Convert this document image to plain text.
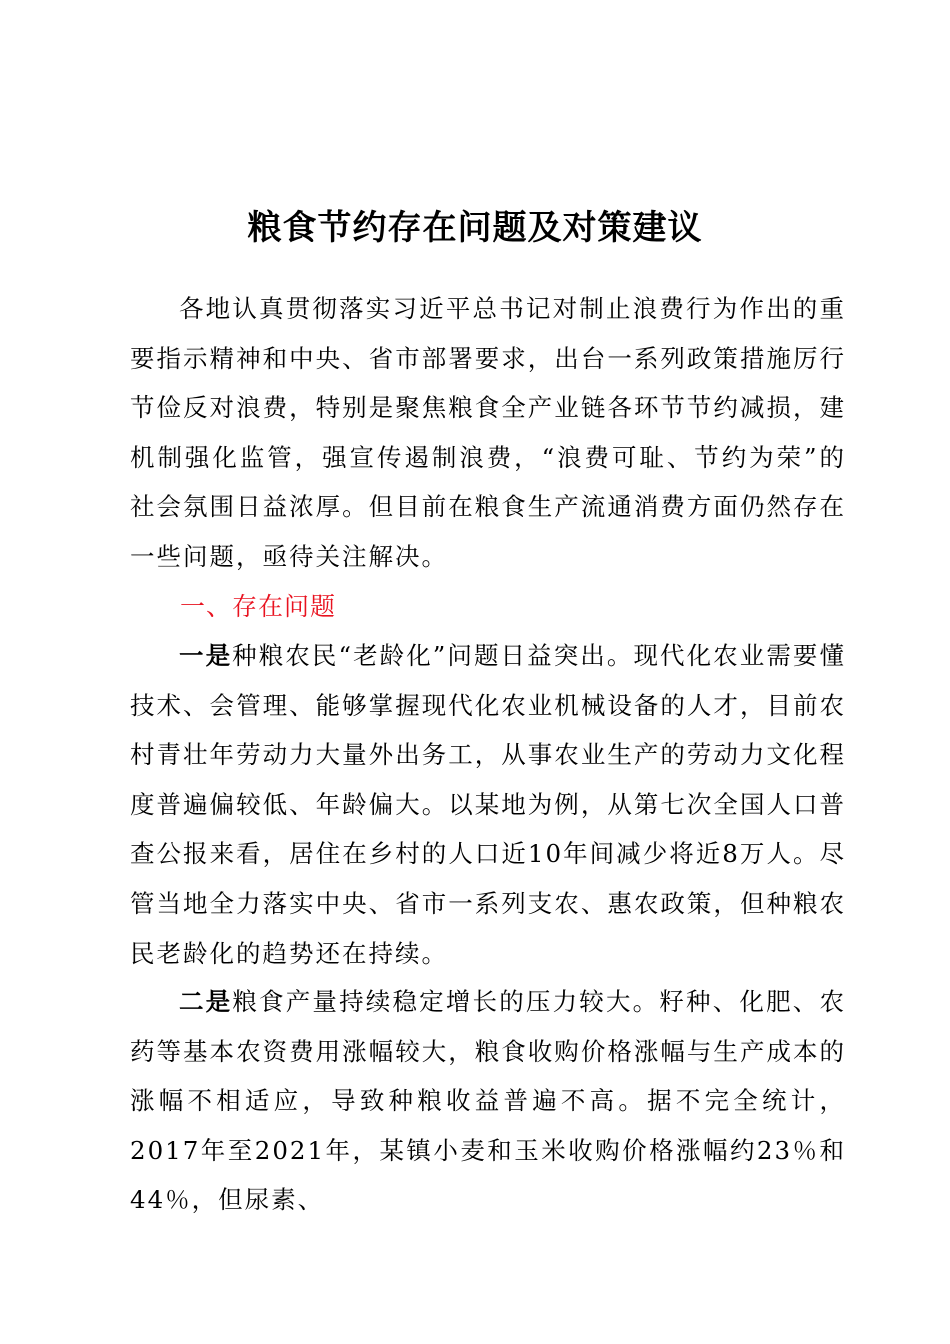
粮食节约存在问题及对策建议
各地认真贯彻落实习近平总书记对制止浪费行为作出的重要指示精神和中央、省市部署要求，出台一系列政策措施厉行节俭反对浪费，特别是聚焦粮食全产业链各环节节约减损，建机制强化监管，强宣传遏制浪费，“浪费可耻、节约为荣”的社会氛围日益浓厚。但目前在粮食生产流通消费方面仍然存在一些问题，亟待关注解决。
一、存在问题
一是种粮农民“老龄化”问题日益突出。现代化农业需要懂技术、会管理、能够掌握现代化农业机械设备的人才，目前农村青壮年劳动力大量外出务工，从事农业生产的劳动力文化程度普遍偏较低、年龄偏大。以某地为例，从第七次全国人口普查公报来看，居住在乡村的人口近10年间减少将近8万人。尽管当地全力落实中央、省市一系列支农、惠农政策，但种粮农民老龄化的趋势还在持续。
二是粮食产量持续稳定增长的压力较大。籽种、化肥、农药等基本农资费用涨幅较大，粮食收购价格涨幅与生产成本的涨幅不相适应，导致种粮收益普遍不高。据不完全统计，2017年至2021年，某镇小麦和玉米收购价格涨幅约23％和44％，但尿素、
